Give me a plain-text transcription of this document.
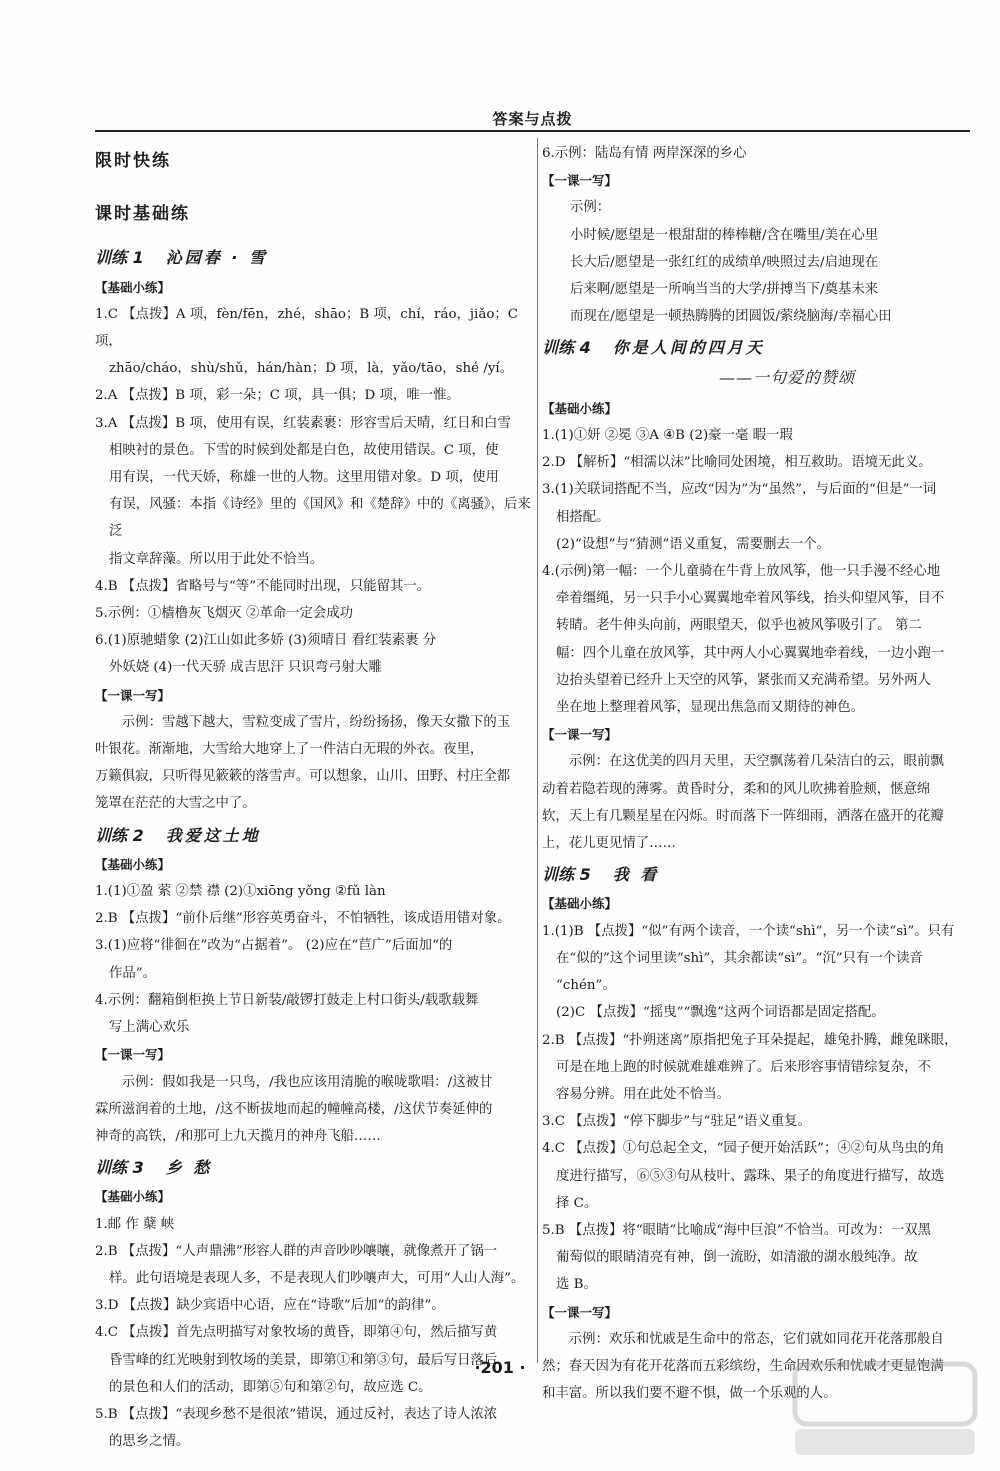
答案与点拨
限时快练
课时基础练
训练 1 沁园春 · 雪

【基础小练】

1.C 【点拨】A 项，fèn/fēn，zhé，shāo；B 项，chí，ráo，jiǎo；C 项，

zhāo/cháo，shù/shǔ，hán/hàn；D 项，là，yǎo/tāo，shé /yí。

2.A 【点拨】B 项，彩一朵；C 项，具一俱；D 项，唯一惟。

3.A 【点拨】B 项，使用有误，红装素裹：形容雪后天晴，红日和白雪

相映衬的景色。下雪的时候到处都是白色，故使用错误。C 项，使

用有误，一代天娇，称雄一世的人物。这里用错对象。D 项，使用

有误，风骚：本指《诗经》里的《国风》和《楚辞》中的《离骚》，后来泛

指文章辞藻。所以用于此处不恰当。

4.B 【点拨】省略号与“等”不能同时出现，只能留其一。

5.示例：①樯橹灰飞烟灭 ②革命一定会成功

6.(1)原驰蜡象 (2)江山如此多娇 (3)须晴日 看红装素裹 分

外妖娆 (4)一代天骄 成吉思汗 只识弯弓射大雕

【一课一写】

示例：雪越下越大，雪粒变成了雪片，纷纷扬扬，像天女撒下的玉

叶银花。渐渐地，大雪给大地穿上了一件洁白无瑕的外衣。夜里，

万籁俱寂，只听得见簌簌的落雪声。可以想象，山川、田野、村庄全都

笼罩在茫茫的大雪之中了。

训练 2 我爱这土地

【基础小练】

1.(1)①盈 萦 ②禁 襟 (2)①xiōng yǒng ②fǔ làn

2.B 【点拨】“前仆后继”形容英勇奋斗，不怕牺牲，该成语用错对象。

3.(1)应将“徘徊在”改为“占据着”。 (2)应在“苣广”后面加“的

作品”。

4.示例：翻箱倒柜换上节日新装/敲锣打鼓走上村口街头/载歌载舞

写上满心欢乐

【一课一写】

示例：假如我是一只鸟，/我也应该用清脆的喉咙歌唱：/这被甘

霖所滋润着的土地，/这不断拔地而起的幢幢高楼，/这伏节奏延伸的

神奇的高铁，/和那可上九天揽月的神舟飞船……

训练 3 乡 愁

【基础小练】

1.邮 作 蘖 峡

2.B 【点拨】“人声鼎沸”形容人群的声音吵吵嚷嚷，就像煮开了锅一

样。此句语境是表现人多，不是表现人们吵嚷声大，可用“人山人海”。

3.D 【点拨】缺少宾语中心语，应在“诗歌”后加“的韵律”。

4.C 【点拨】首先点明描写对象牧场的黄昏，即第④句，然后描写黄

昏雪峰的红光映射到牧场的美景，即第①和第③句，最后写日落后

的景色和人们的活动，即第⑤句和第②句，故应选 C。

5.B 【点拨】“表现乡愁不是很浓”错误，通过反衬，表达了诗人浓浓

的思乡之情。

6.示例：陆岛有情 两岸深深的乡心

【一课一写】

示例：

小时候/愿望是一根甜甜的棒棒糖/含在嘴里/美在心里

长大后/愿望是一张红红的成绩单/映照过去/启迪现在

后来啊/愿望是一所响当当的大学/拼搏当下/奠基未来

而现在/愿望是一顿热腾腾的团圆饭/萦绕脑海/幸福心田

训练 4 你是人间的四月天
——一句爱的赞颂

【基础小练】

1.(1)①妍 ②冕 ③A ④B (2)豪一毫 暇一瑕

2.D 【解析】“相濡以沫”比喻同处困境，相互救助。语境无此义。

3.(1)关联词搭配不当，应改“因为”为“虽然”，与后面的“但是”一词

相搭配。

(2)“设想”与“猜测”语义重复，需要删去一个。

4.(示例)第一幅：一个儿童骑在牛背上放风筝，他一只手漫不经心地

牵着缰绳，另一只手小心翼翼地牵着风筝线，抬头仰望风筝，目不

转睛。老牛伸头向前，两眼望天，似乎也被风筝吸引了。 第二

幅：四个儿童在放风筝，其中两人小心翼翼地牵着线，一边小跑一

边抬头望着已经升上天空的风筝，紧张而又充满希望。另外两人

坐在地上整理着风筝，显现出焦急而又期待的神色。

【一课一写】

示例：在这优美的四月天里，天空飘荡着几朵洁白的云，眼前飘

动着若隐若现的薄雾。黄昏时分，柔和的风儿吹拂着脸颊，惬意绵

软，天上有几颗星星在闪烁。时而落下一阵细雨，洒落在盛开的花瓣

上，花儿更见情了……

训练 5 我 看

【基础小练】

1.(1)B 【点拨】“似”有两个读音，一个读“shì”，另一个读“sì”。只有

在“似的”这个词里读“shì”，其余都读“sì”。“沉”只有一个读音

“chén”。

(2)C 【点拨】“摇曳”“飘逸”这两个词语都是固定搭配。

2.B 【点拨】“扑朔迷离”原指把兔子耳朵提起，雄兔扑腾，雌兔眯眼，

可是在地上跑的时候就难雄难辨了。后来形容事情错综复杂，不

容易分辨。用在此处不恰当。

3.C 【点拨】“停下脚步”与“驻足”语义重复。

4.C 【点拨】①句总起全文，“园子便开始活跃”；④②句从鸟虫的角

度进行描写，⑥⑤③句从枝叶、露珠、果子的角度进行描写，故选

择 C。

5.B 【点拨】将“眼睛”比喻成“海中巨浪”不恰当。可改为：一双黑

葡萄似的眼睛清亮有神，倒一流盼，如清澈的湖水般纯净。故

选 B。

【一课一写】

示例：欢乐和忧戚是生命中的常态，它们就如同花开花落那般自

然；春天因为有花开花落而五彩缤纷，生命因欢乐和忧戚才更显饱满

和丰富。所以我们要不避不惧，做一个乐观的人。

·201 ·
